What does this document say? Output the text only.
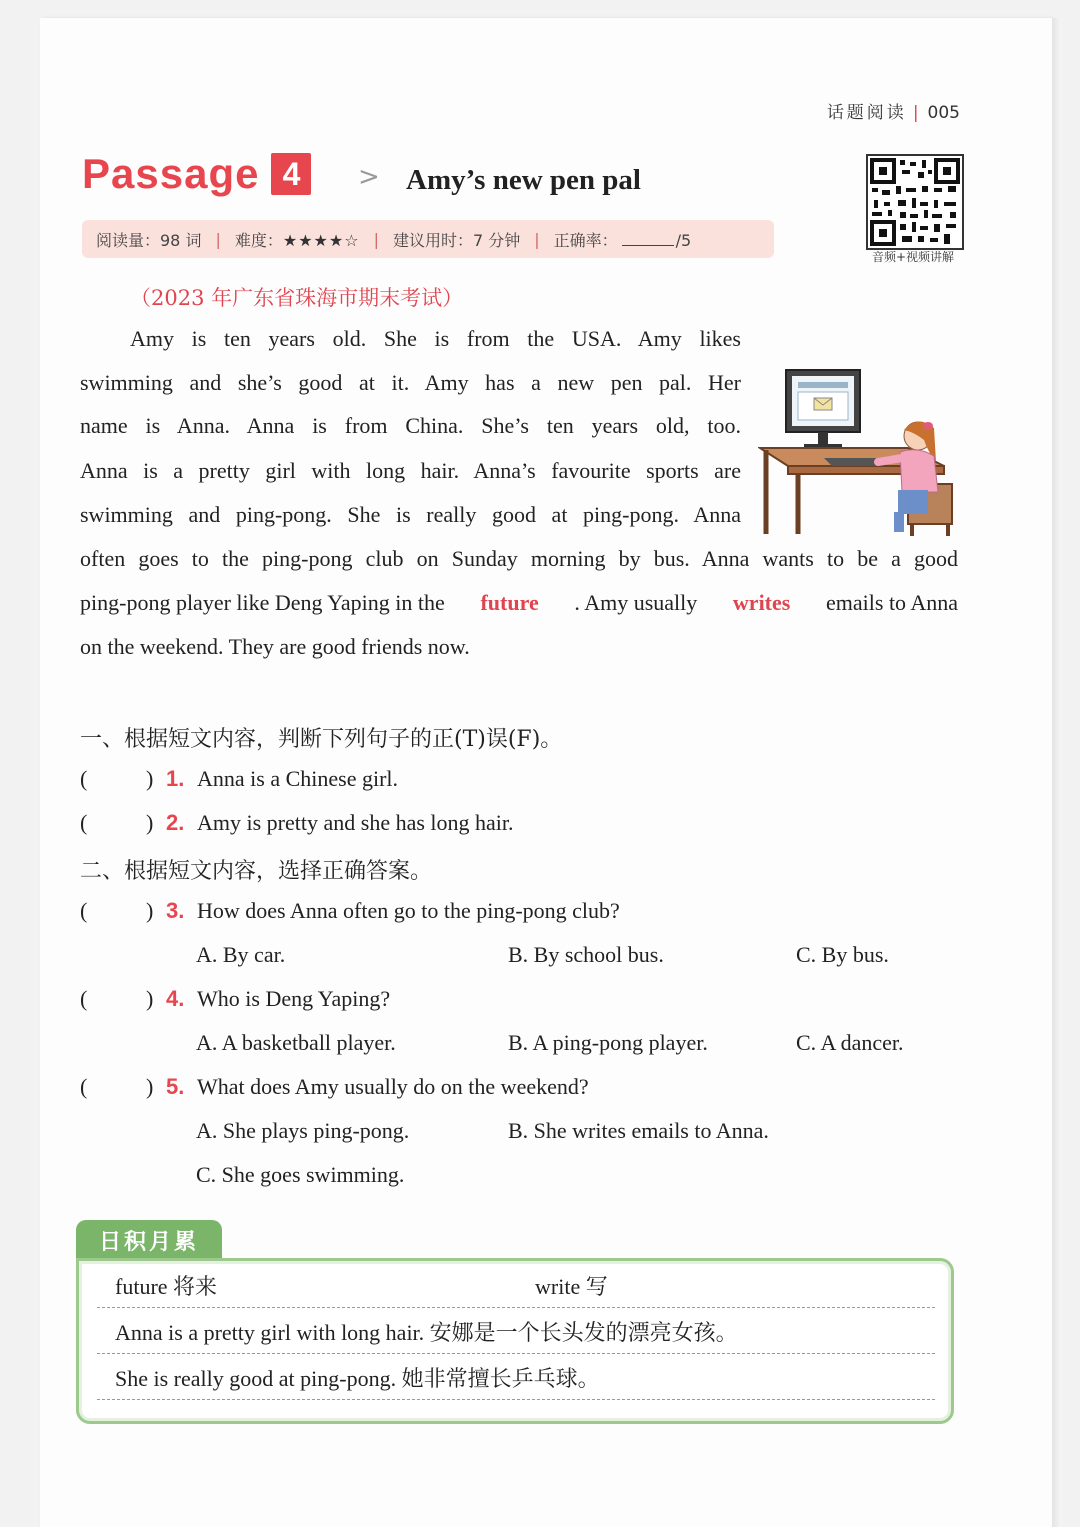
话题阅读 | 005
Passage 4	> Amy’s new pen pal
阅读量：98 词 | 难度：★★★★☆ | 建议用时：7 分钟 | 正确率：	/5
音频+视频讲解
（2023 年广东省珠海市期末考试）
Amy is ten years old. She is from the USA. Amy likes
swimming and she’s good at it. Amy has a new pen pal. Her
name is Anna. Anna is from China. She’s ten years old, too.
Anna is a pretty girl with long hair. Anna’s favourite sports are
swimming and ping-pong. She is really good at ping-pong. Anna
often goes to the ping-pong club on Sunday morning by bus. Anna wants to be a good
ping-pong player like Deng Yaping in the future . Amy usually writes emails to Anna
on the weekend. They are good friends now.
一、根据短文内容，判断下列句子的正(T)误(F)。
(	) 1. Anna is a Chinese girl.
(	) 2. Amy is pretty and she has long hair.
二、根据短文内容，选择正确答案。
(	) 3. How does Anna often go to the ping-pong club?
A. By car.	B. By school bus.	C. By bus.
(	) 4. Who is Deng Yaping?
A. A basketball player.	B. A ping-pong player.	C. A dancer.
(	) 5. What does Amy usually do on the weekend?
A. She plays ping-pong.	B. She writes emails to Anna.
C. She goes swimming.
日积月累
future 将来	write 写
Anna is a pretty girl with long hair. 安娜是一个长头发的漂亮女孩。
She is really good at ping-pong. 她非常擅长乒乓球。
